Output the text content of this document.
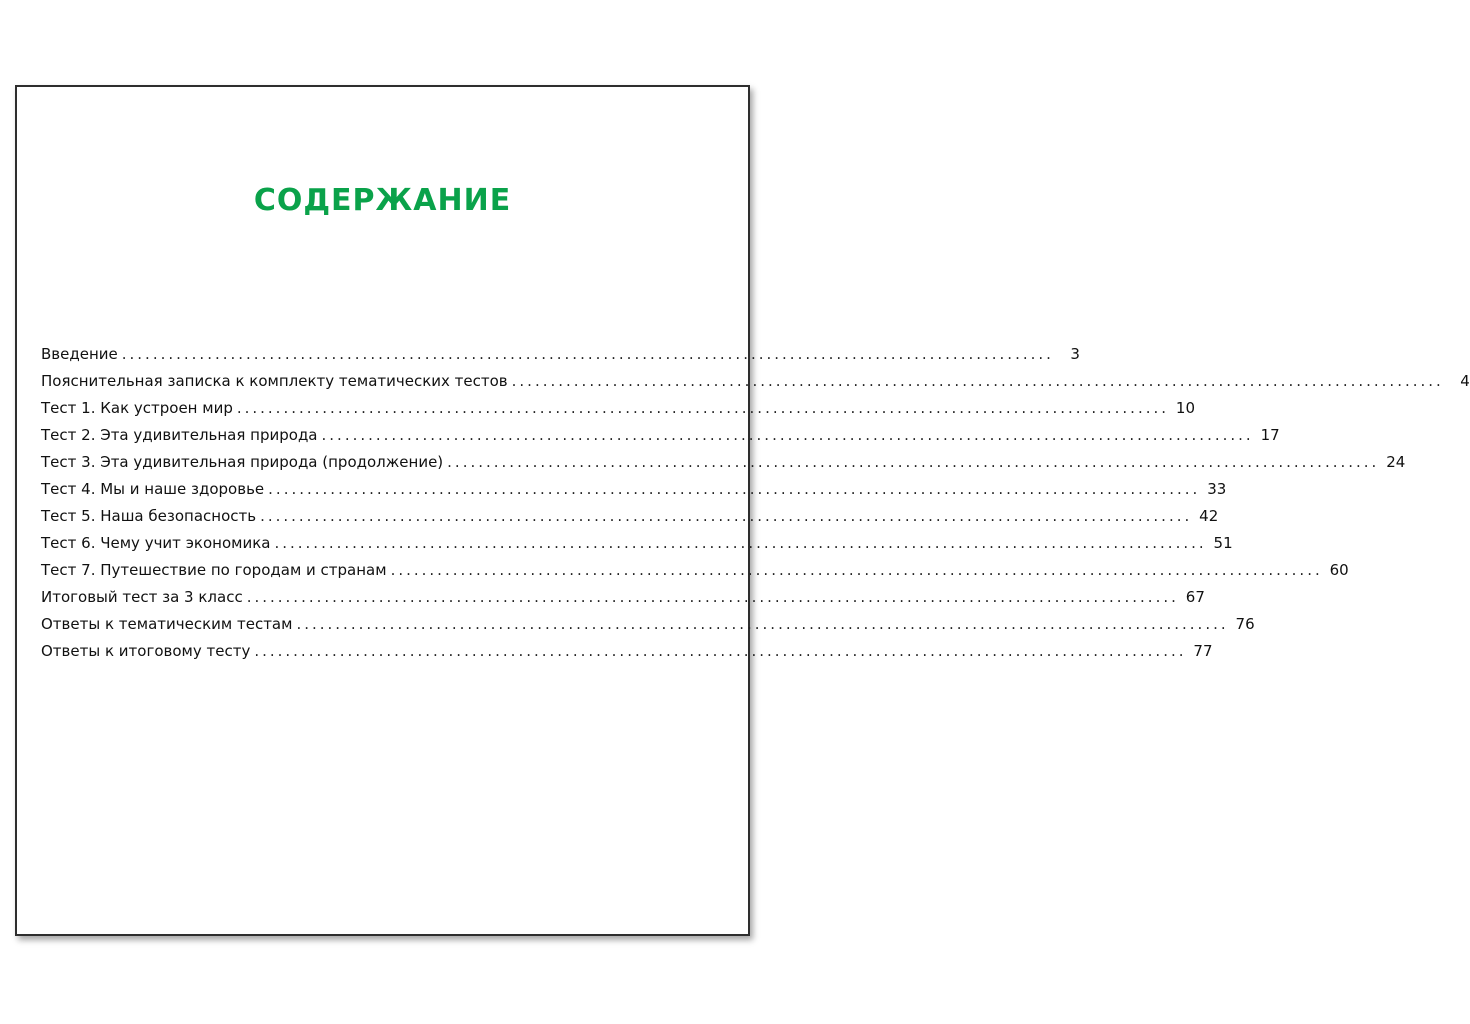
СОДЕРЖАНИЕ
Введение ........................................................................................................................	3
Пояснительная записка к комплекту тематических тестов ........................................................................................................................	4
Тест 1. Как устроен мир ........................................................................................................................ 10
Тест 2. Эта удивительная природа ........................................................................................................................ 17
Тест 3. Эта удивительная природа (продолжение) ........................................................................................................................ 24
Тест 4. Мы и наше здоровье ........................................................................................................................ 33
Тест 5. Наша безопасность ........................................................................................................................ 42
Тест 6. Чему учит экономика ........................................................................................................................ 51
Тест 7. Путешествие по городам и странам ........................................................................................................................ 60
Итоговый тест за 3 класс ........................................................................................................................ 67
Ответы к тематическим тестам ........................................................................................................................ 76
Ответы к итоговому тесту ........................................................................................................................ 77
